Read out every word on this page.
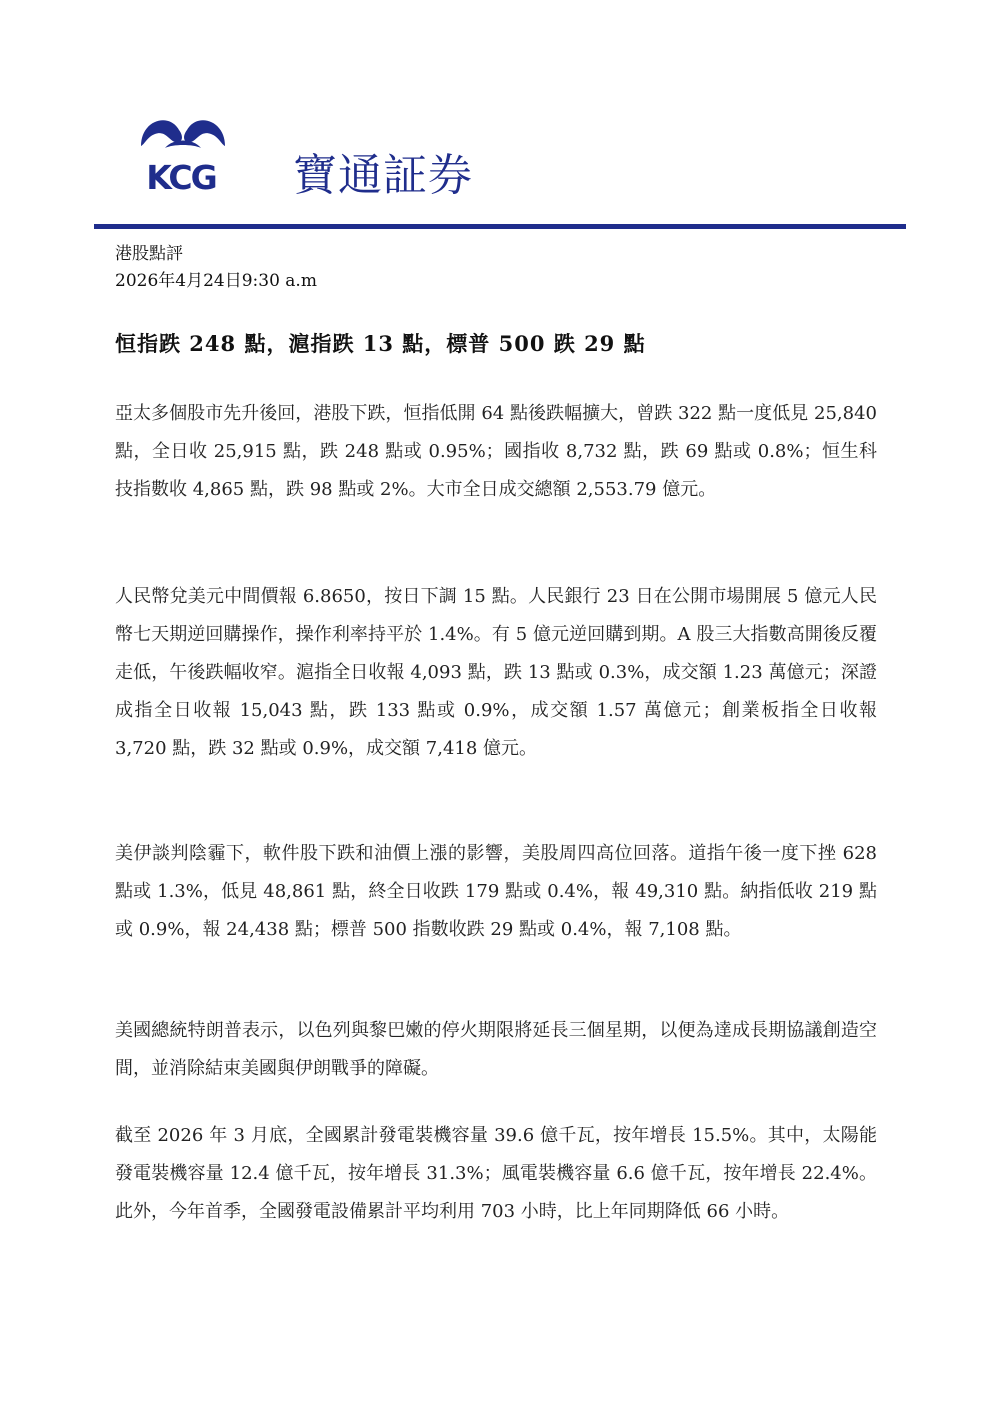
KCG 寶通証券
港股點評
2026年4月24日9:30 a.m
恒指跌 248 點，滬指跌 13 點，標普 500 跌 29 點

亞太多個股市先升後回，港股下跌，恒指低開 64 點後跌幅擴大，曾跌 322 點一度低見 25,840 點，全日收 25,915 點，跌 248 點或 0.95%；國指收 8,732 點，跌 69 點或 0.8%；恒生科技指數收 4,865 點，跌 98 點或 2%。大市全日成交總額 2,553.79 億元。

人民幣兌美元中間價報 6.8650，按日下調 15 點。人民銀行 23 日在公開市場開展 5 億元人民幣七天期逆回購操作，操作利率持平於 1.4%。有 5 億元逆回購到期。A 股三大指數高開後反覆走低，午後跌幅收窄。滬指全日收報 4,093 點，跌 13 點或 0.3%，成交額 1.23 萬億元；深證成指全日收報 15,043 點，跌 133 點或 0.9%，成交額 1.57 萬億元；創業板指全日收報 3,720 點，跌 32 點或 0.9%，成交額 7,418 億元。

美伊談判陰霾下，軟件股下跌和油價上漲的影響，美股周四高位回落。道指午後一度下挫 628 點或 1.3%，低見 48,861 點，終全日收跌 179 點或 0.4%，報 49,310 點。納指低收 219 點或 0.9%，報 24,438 點；標普 500 指數收跌 29 點或 0.4%，報 7,108 點。

美國總統特朗普表示，以色列與黎巴嫩的停火期限將延長三個星期，以便為達成長期協議創造空間，並消除結束美國與伊朗戰爭的障礙。

截至 2026 年 3 月底，全國累計發電裝機容量 39.6 億千瓦，按年增長 15.5%。其中，太陽能發電裝機容量 12.4 億千瓦，按年增長 31.3%；風電裝機容量 6.6 億千瓦，按年增長 22.4%。此外，今年首季，全國發電設備累計平均利用 703 小時，比上年同期降低 66 小時。
